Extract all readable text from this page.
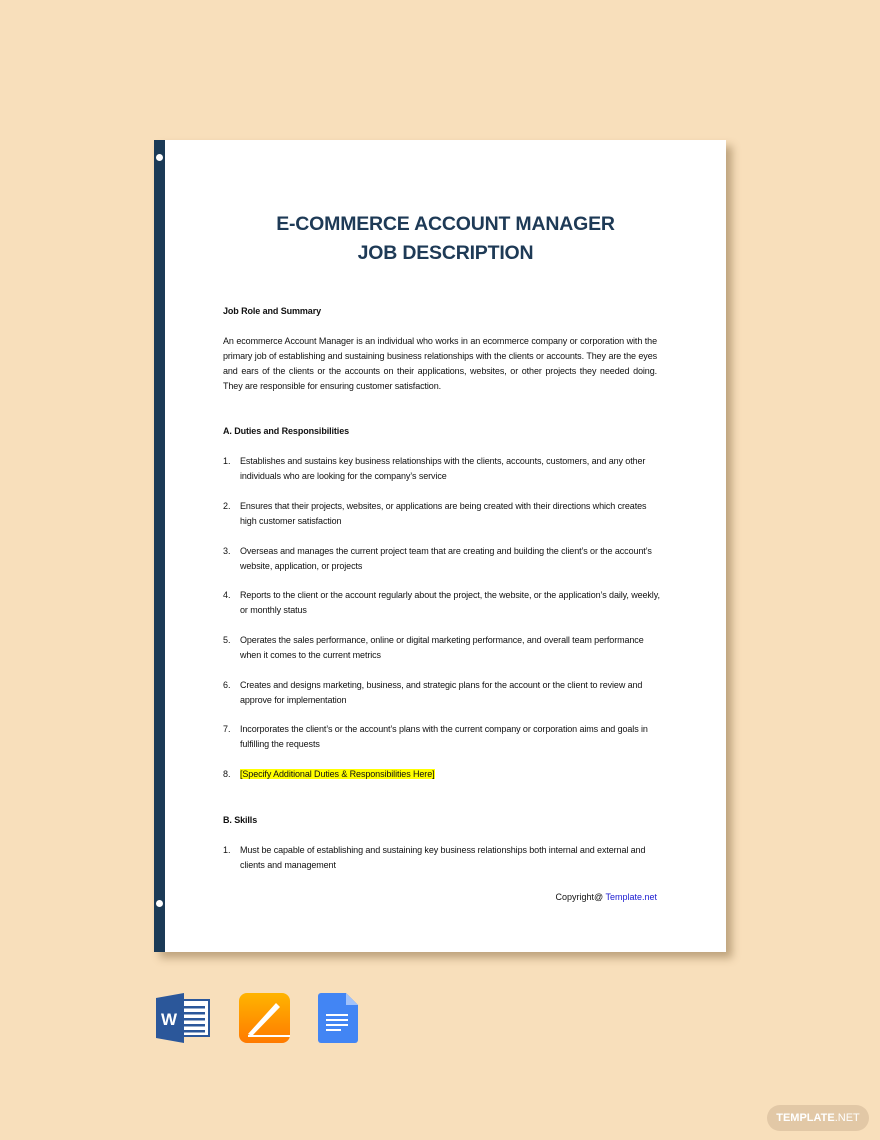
E-COMMERCE ACCOUNT MANAGER
JOB DESCRIPTION
Job Role and Summary
An ecommerce Account Manager is an individual who works in an ecommerce company or corporation with the primary job of establishing and sustaining business relationships with the clients or accounts. They are the eyes and ears of the clients or the accounts on their applications, websites, or other projects they needed doing. They are responsible for ensuring customer satisfaction.
A. Duties and Responsibilities
1. Establishes and sustains key business relationships with the clients, accounts, customers, and any other individuals who are looking for the company’s service
2. Ensures that their projects, websites, or applications are being created with their directions which creates high customer satisfaction
3. Overseas and manages the current project team that are creating and building the client’s or the account’s website, application, or projects
4. Reports to the client or the account regularly about the project, the website, or the application’s daily, weekly, or monthly status
5. Operates the sales performance, online or digital marketing performance, and overall team performance when it comes to the current metrics
6. Creates and designs marketing, business, and strategic plans for the account or the client to review and approve for implementation
7. Incorporates the client’s or the account’s plans with the current company or corporation aims and goals in fulfilling the requests
8. [Specify Additional Duties & Responsibilities Here]
B. Skills
1. Must be capable of establishing and sustaining key business relationships both internal and external and clients and management
Copyright@ Template.net
W
TEMPLATE.NET
